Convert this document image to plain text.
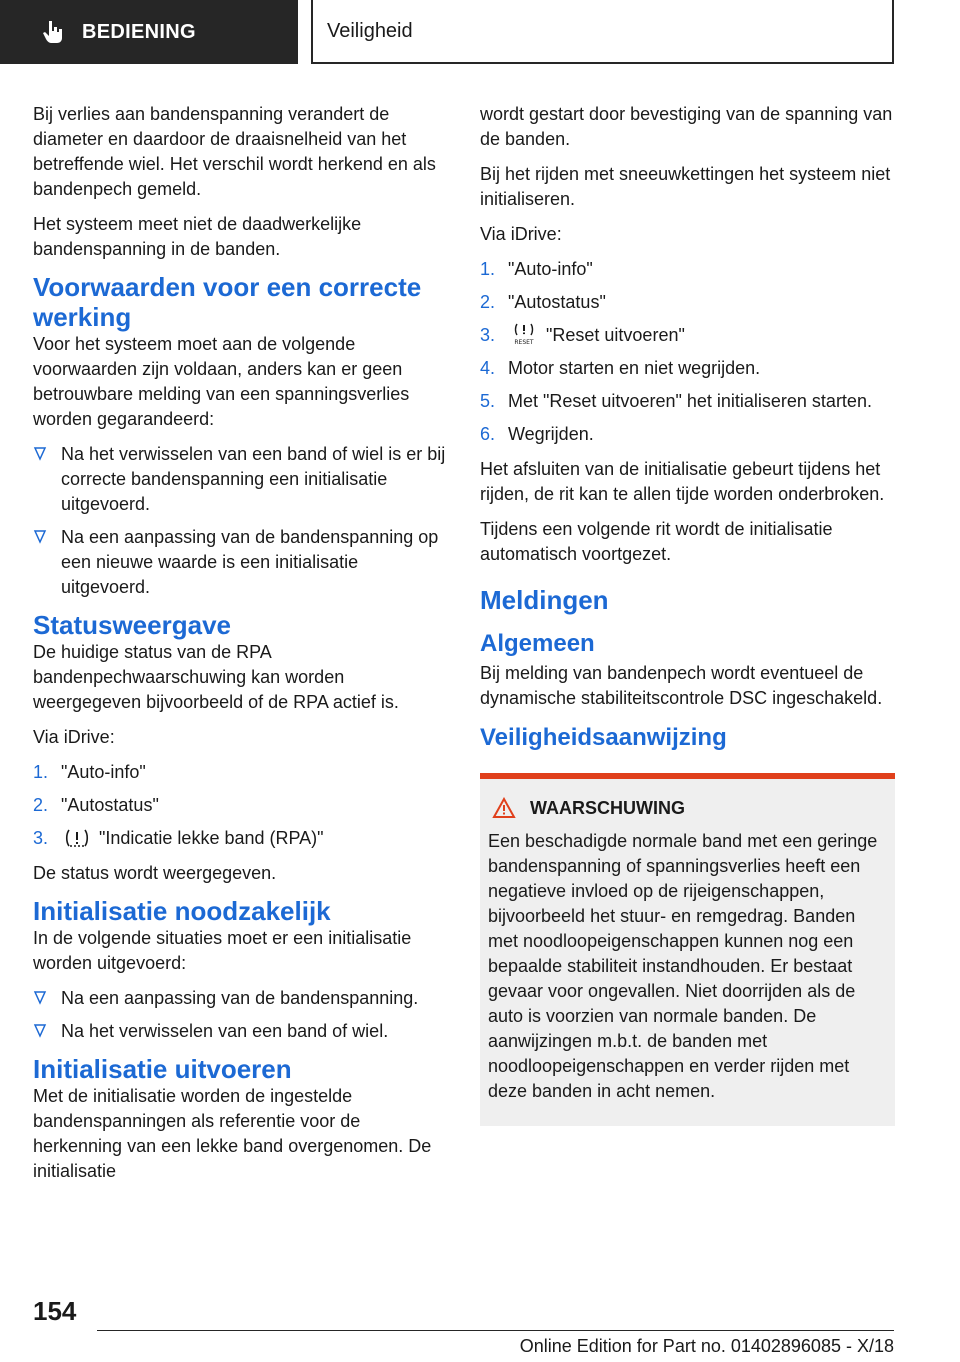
BEDIENING	Veiligheid

Bij verlies aan bandenspanning verandert de diameter en daardoor de draaisnelheid van het betreffende wiel. Het verschil wordt herkend en als bandenpech gemeld.

Het systeem meet niet de daadwerkelijke bandenspanning in de banden.

Voorwaarden voor een correcte werking

Voor het systeem moet aan de volgende voorwaarden zijn voldaan, anders kan er geen betrouwbare melding van een spanningsverlies worden gegarandeerd:

Na het verwisselen van een band of wiel is er bij correcte bandenspanning een initialisatie uitgevoerd.
Na een aanpassing van de bandenspanning op een nieuwe waarde is een initialisatie uitgevoerd.
Statusweergave

De huidige status van de RPA bandenpechwaarschuwing kan worden weergegeven bijvoorbeeld of de RPA actief is.

Via iDrive:

1. "Auto-info"
2. "Autostatus"
3.	"Indicatie lekke band (RPA)"

De status wordt weergegeven.

Initialisatie noodzakelijk

In de volgende situaties moet er een initialisatie worden uitgevoerd:

Na een aanpassing van de bandenspanning.
Na het verwisselen van een band of wiel.
Initialisatie uitvoeren

Met de initialisatie worden de ingestelde bandenspanningen als referentie voor de herkenning van een lekke band overgenomen. De initialisatie

wordt gestart door bevestiging van de spanning van de banden.

Bij het rijden met sneeuwkettingen het systeem niet initialiseren.

Via iDrive:

1. "Auto-info"
2. "Autostatus"
3.	RESET "Reset uitvoeren"
4. Motor starten en niet wegrijden.
5. Met "Reset uitvoeren" het initialiseren starten.
6. Wegrijden.

Het afsluiten van de initialisatie gebeurt tijdens het rijden, de rit kan te allen tijde worden onderbroken.

Tijdens een volgende rit wordt de initialisatie automatisch voortgezet.

Meldingen
Algemeen

Bij melding van bandenpech wordt eventueel de dynamische stabiliteitscontrole DSC ingeschakeld.

Veiligheidsaanwijzing
WAARSCHUWING

Een beschadigde normale band met een geringe bandenspanning of spanningsverlies heeft een negatieve invloed op de rijeigenschappen, bijvoorbeeld het stuur- en remgedrag. Banden met noodloopeigenschappen kunnen nog een bepaalde stabiliteit instandhouden. Er bestaat gevaar voor ongevallen. Niet doorrijden als de auto is voorzien van normale banden. De aanwijzingen m.b.t. de banden met noodloopeigenschappen en verder rijden met deze banden in acht nemen.

154
Online Edition for Part no. 01402896085 - X/18
